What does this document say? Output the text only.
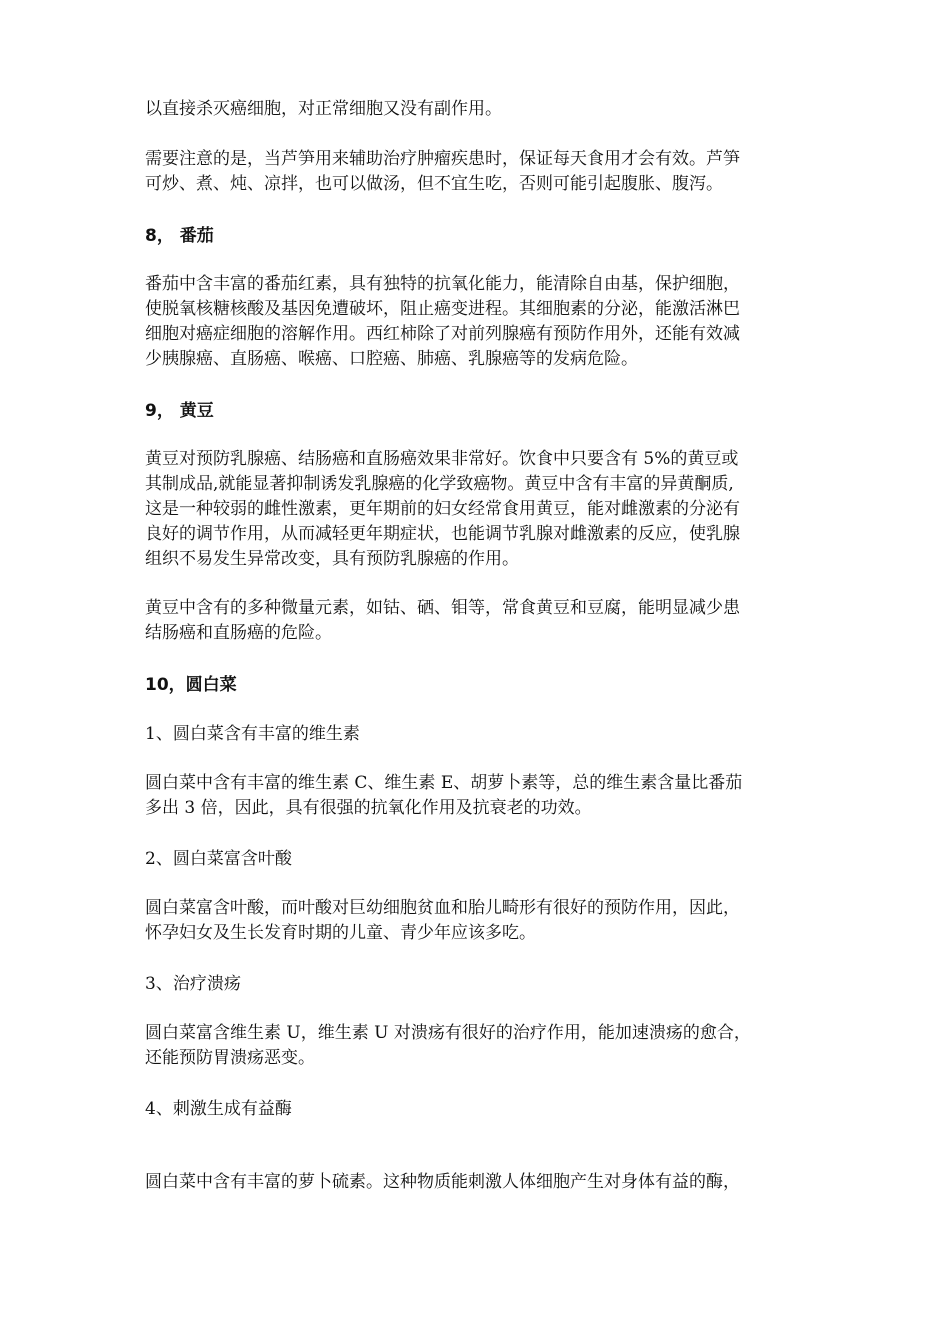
以直接杀灭癌细胞，对正常细胞又没有副作用。

需要注意的是，当芦笋用来辅助治疗肿瘤疾患时，保证每天食用才会有效。芦笋
可炒、煮、炖、凉拌，也可以做汤，但不宜生吃，否则可能引起腹胀、腹泻。

8， 番茄

番茄中含丰富的番茄红素，具有独特的抗氧化能力，能清除自由基，保护细胞，
使脱氧核糖核酸及基因免遭破坏，阻止癌变进程。其细胞素的分泌，能激活淋巴
细胞对癌症细胞的溶解作用。西红柿除了对前列腺癌有预防作用外，还能有效减
少胰腺癌、直肠癌、喉癌、口腔癌、肺癌、乳腺癌等的发病危险。

9， 黄豆

黄豆对预防乳腺癌、结肠癌和直肠癌效果非常好。饮食中只要含有 5%的黄豆或
其制成品,就能显著抑制诱发乳腺癌的化学致癌物。黄豆中含有丰富的异黄酮质,
这是一种较弱的雌性激素，更年期前的妇女经常食用黄豆，能对雌激素的分泌有
良好的调节作用，从而减轻更年期症状，也能调节乳腺对雌激素的反应，使乳腺
组织不易发生异常改变，具有预防乳腺癌的作用。

黄豆中含有的多种微量元素，如钴、硒、钼等，常食黄豆和豆腐，能明显减少患
结肠癌和直肠癌的危险。

10，圆白菜

1、圆白菜含有丰富的维生素

圆白菜中含有丰富的维生素 C、维生素 E、胡萝卜素等，总的维生素含量比番茄
多出 3 倍，因此，具有很强的抗氧化作用及抗衰老的功效。

2、圆白菜富含叶酸

圆白菜富含叶酸，而叶酸对巨幼细胞贫血和胎儿畸形有很好的预防作用，因此，
怀孕妇女及生长发育时期的儿童、青少年应该多吃。

3、治疗溃疡

圆白菜富含维生素 U，维生素 U 对溃疡有很好的治疗作用，能加速溃疡的愈合，
还能预防胃溃疡恶变。

4、刺激生成有益酶

圆白菜中含有丰富的萝卜硫素。这种物质能刺激人体细胞产生对身体有益的酶，
